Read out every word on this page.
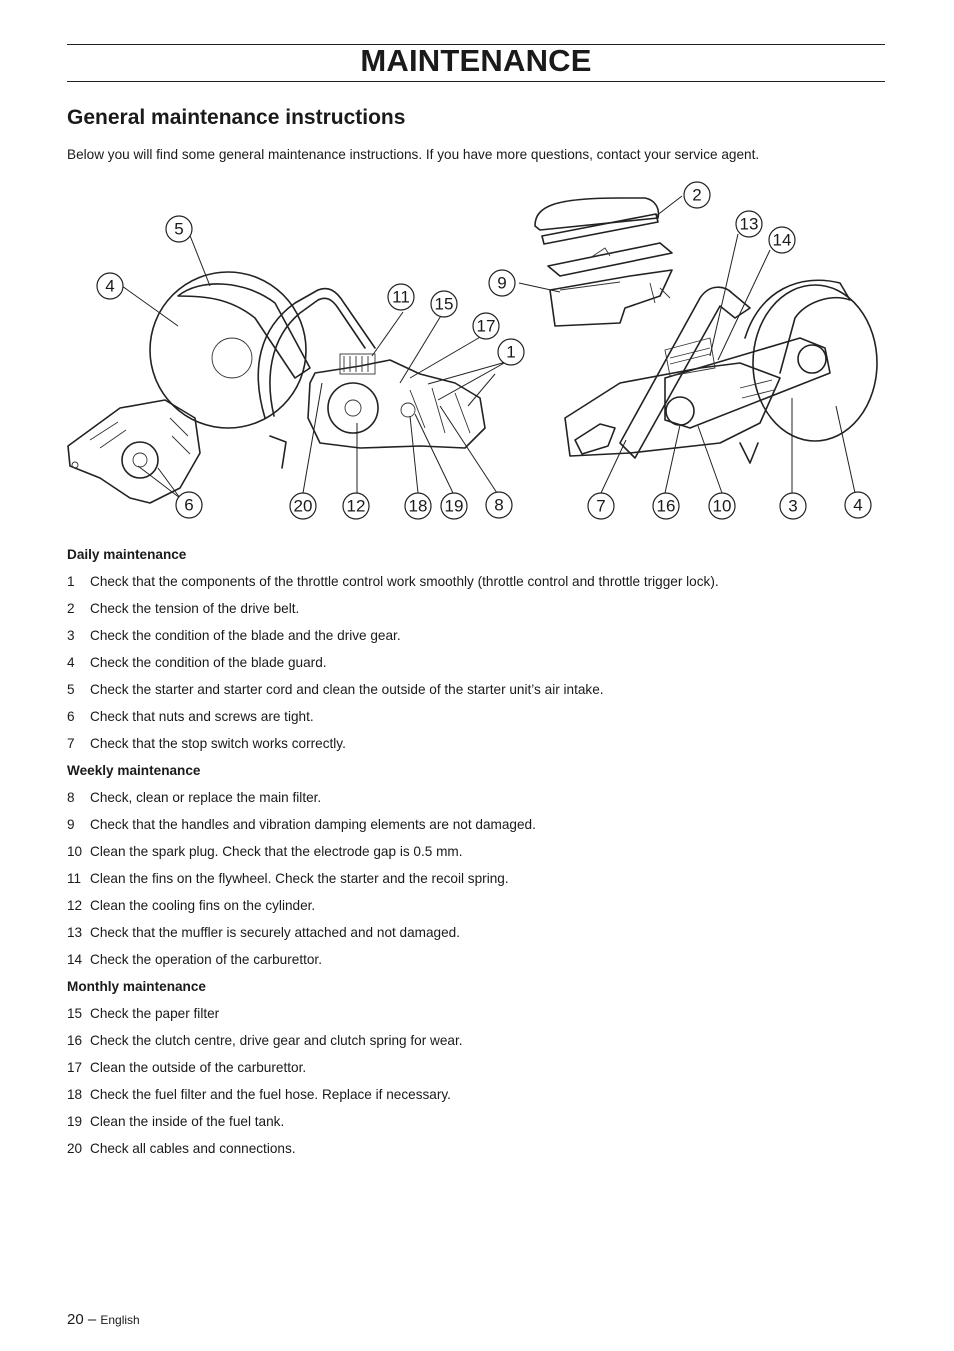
MAINTENANCE
General maintenance instructions
Below you will find some general maintenance instructions. If you have more questions, contact your service agent.
1
2
3	4
4
5
6	7
8
9
10
11
12
13
14
15
16
17
18 19
20
Daily maintenance
1	Check that the components of the throttle control work smoothly (throttle control and throttle trigger lock).
2	Check the tension of the drive belt.
3	Check the condition of the blade and the drive gear.
4	Check the condition of the blade guard.
5	Check the starter and starter cord and clean the outside of the starter unit’s air intake.
6	Check that nuts and screws are tight.
7	Check that the stop switch works correctly.
Weekly maintenance
8	Check, clean or replace the main filter.
9	Check that the handles and vibration damping elements are not damaged.
10 Clean the spark plug. Check that the electrode gap is 0.5 mm.
11 Clean the fins on the flywheel. Check the starter and the recoil spring.
12 Clean the cooling fins on the cylinder.
13 Check that the muffler is securely attached and not damaged.
14 Check the operation of the carburettor.
Monthly maintenance
15 Check the paper filter
16 Check the clutch centre, drive gear and clutch spring for wear.
17 Clean the outside of the carburettor.
18 Check the fuel filter and the fuel hose. Replace if necessary.
19 Clean the inside of the fuel tank.
20 Check all cables and connections.
20 – English
